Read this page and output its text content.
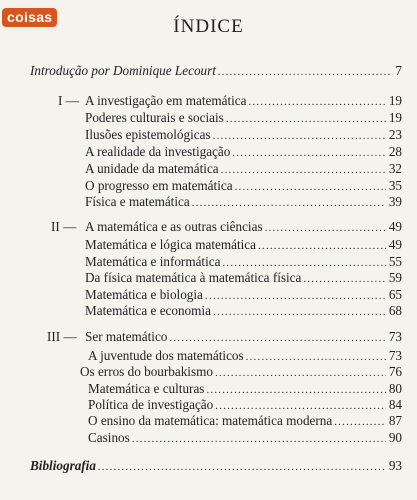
coisas	ÍNDICE
Introdução por Dominique Lecourt .....	7
I — A investigação em matemática .....	19
Poderes culturais e sociais .....	19
Ilusões epistemológicas .....	23
A realidade da investigação .....	28
A unidade da matemática .....	32
O progresso em matemática .....	35
Física e matemática .....	39
II — A matemática e as outras ciências .....	49
Matemática e lógica matemática .....	49
Matemática e informática .....	55
Da física matemática à matemática física .....	59
Matemática e biologia .....	65
Matemática e economia .....	68
III — Ser matemático .....	73
A juventude dos matemáticos .....	73
Os erros do bourbakismo .....	76
Matemática e culturas .....	80
Política de investigação .....	84
O ensino da matemática: matemática moderna .....	87
Casinos .....	90
Bibliografia .....	93
